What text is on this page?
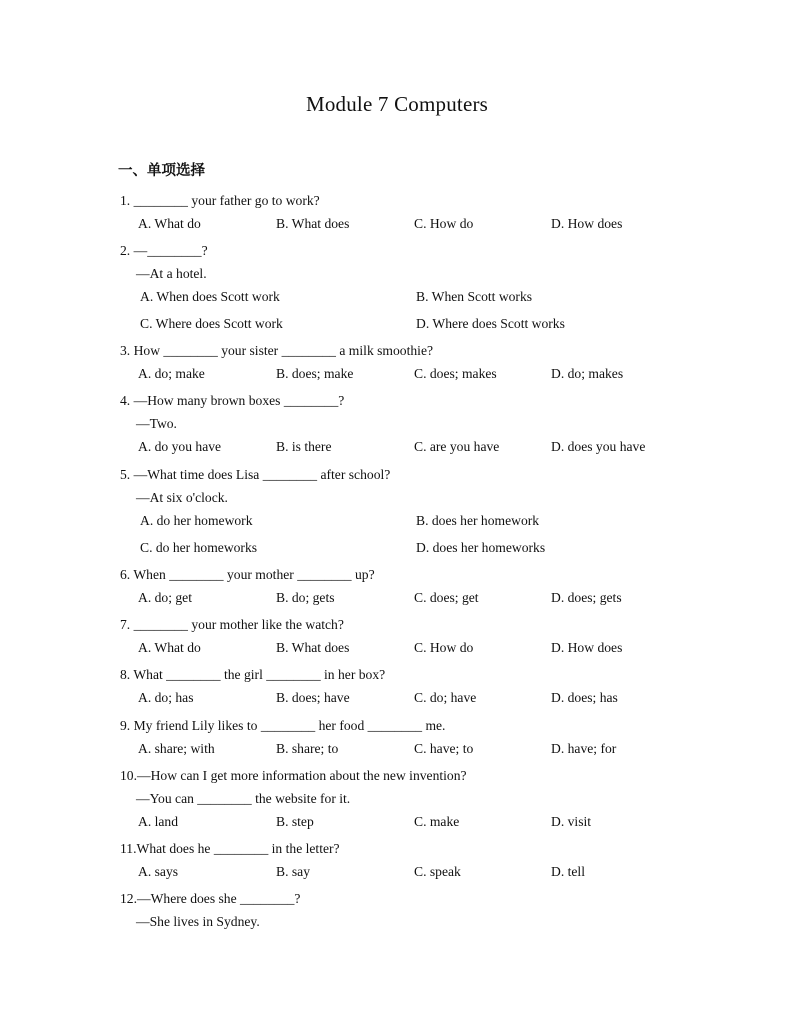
Module 7 Computers
一、单项选择
1. ________ your father go to work?
A. What do	B. What does	C. How do	D. How does
2. —________?
—At a hotel.
A. When does Scott work	B. When Scott works
C. Where does Scott work	D. Where does Scott works
3. How ________ your sister ________ a milk smoothie?
A. do; make	B. does; make	C. does; makes	D. do; makes
4. —How many brown boxes ________?
—Two.
A. do you have	B. is there	C. are you have	D. does you have
5. —What time does Lisa ________ after school?
—At six o'clock.
A. do her homework	B. does her homework
C. do her homeworks	D. does her homeworks
6. When ________ your mother ________ up?
A. do; get	B. do; gets	C. does; get	D. does; gets
7. ________ your mother like the watch?
A. What do	B. What does	C. How do	D. How does
8. What ________ the girl ________ in her box?
A. do; has	B. does; have	C. do; have	D. does; has
9. My friend Lily likes to ________ her food ________ me.
A. share; with	B. share; to	C. have; to	D. have; for
10.—How can I get more information about the new invention?
—You can ________ the website for it.
A. land	B. step	C. make	D. visit
11.What does he ________ in the letter?
A. says	B. say	C. speak	D. tell
12.—Where does she ________?
—She lives in Sydney.
